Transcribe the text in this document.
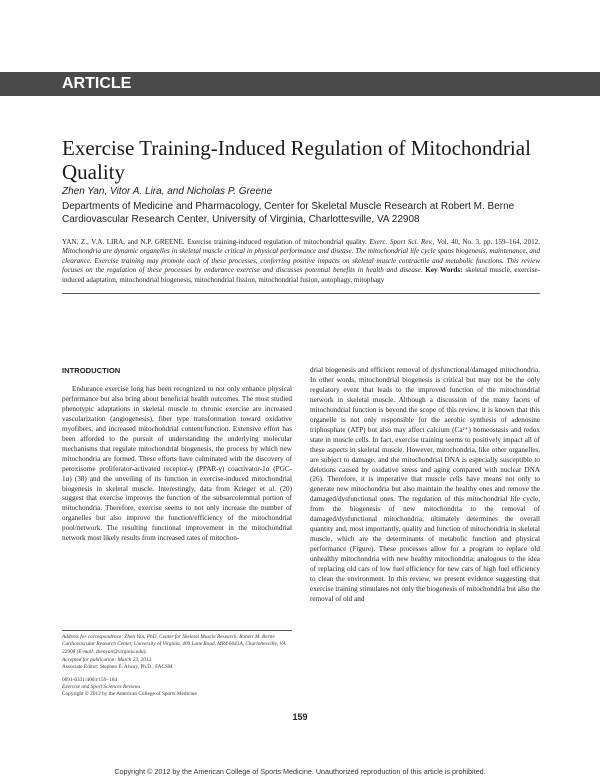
ARTICLE
Exercise Training-Induced Regulation of Mitochondrial Quality
Zhen Yan, Vitor A. Lira, and Nicholas P. Greene
Departments of Medicine and Pharmacology, Center for Skeletal Muscle Research at Robert M. Berne Cardiovascular Research Center, University of Virginia, Charlottesville, VA 22908
YAN, Z., V.A. LIRA, and N.P. GREENE. Exercise training-induced regulation of mitochondrial quality. Exerc. Sport Sci. Rev., Vol. 40, No. 3, pp. 159–164, 2012. Mitochondria are dynamic organelles in skeletal muscle critical in physical performance and disease. The mitochondrial life cycle spans biogenesis, maintenance, and clearance. Exercise training may promote each of these processes, conferring positive impacts on skeletal muscle contractile and metabolic functions. This review focuses on the regulation of these processes by endurance exercise and discusses potential benefits in health and disease. Key Words: skeletal muscle, exercise-induced adaptation, mitochondrial biogenesis, mitochondrial fission, mitochondrial fusion, autophagy, mitophagy
INTRODUCTION

Endurance exercise long has been recognized to not only enhance physical performance but also bring about beneficial health outcomes. The most studied phenotypic adaptations in skeletal muscle to chronic exercise are increased vascularization (angiogenesis), fiber type transformation toward oxidative myofibers, and increased mitochondrial content/function. Extensive effort has been afforded to the pursuit of understanding the underlying molecular mechanisms that regulate mitochondrial biogenesis, the process by which new mitochondria are formed. These efforts have culminated with the discovery of peroxisome proliferator-activated receptor-γ (PPAR-γ) coactivator-1α (PGC-1α) (38) and the unveiling of its function in exercise-induced mitochondrial biogenesis in skeletal muscle. Interestingly, data from Krieger et al. (20) suggest that exercise improves the function of the subsarcolemmal portion of mitochondria. Therefore, exercise seems to not only increase the number of organelles but also improve the function/efficiency of the mitochondrial pool/network. The resulting functional improvement in the mitochondrial network most likely results from increased rates of mitochon-

drial biogenesis and efficient removal of dysfunctional/damaged mitochondria. In other words, mitochondrial biogenesis is critical but may not be the only regulatory event that leads to the improved function of the mitochondrial network in skeletal muscle. Although a discussion of the many facets of mitochondrial function is beyond the scope of this review, it is known that this organelle is not only responsible for the aerobic synthesis of adenosine triphosphate (ATP) but also may affect calcium (Ca²⁺) homeostasis and redox state in muscle cells. In fact, exercise training seems to positively impact all of these aspects in skeletal muscle. However, mitochondria, like other organelles, are subject to damage, and the mitochondrial DNA is especially susceptible to deletions caused by oxidative stress and aging compared with nuclear DNA (26). Therefore, it is imperative that muscle cells have means not only to generate new mitochondria but also maintain the healthy ones and remove the damaged/dysfunctional ones. The regulation of this mitochondrial life cycle, from the biogenesis of new mitochondria to the removal of damaged/dysfunctional mitochondria, ultimately determines the overall quantity and, most importantly, quality and function of mitochondria in skeletal muscle, which are the determinants of metabolic function and physical performance (Figure). These processes allow for a program to replace old unhealthy mitochondria with new healthy mitochondria; analogous to the idea of replacing old cars of low fuel efficiency for new cars of high fuel efficiency to clean the environment. In this review, we present evidence suggesting that exercise training stimulates not only the biogenesis of mitochondria but also the removal of old and

Address for correspondence: Zhen Yan, PhD, Center for Skeletal Muscle Research, Robert M. Berne Cardiovascular Research Center, University of Virginia, 409 Lane Road, MR4 6041A, Charlottesville, VA 22908 (E-mail: zhenyan@virginia.edu).
Accepted for publication: March 23, 2012.
Associate Editor: Stephen E. Alway, Ph.D., FACSM
0091-6331/4003/159–164
Exercise and Sport Sciences Reviews
Copyright © 2012 by the American College of Sports Medicine
159
Copyright © 2012 by the American College of Sports Medicine. Unauthorized reproduction of this article is prohibited.
